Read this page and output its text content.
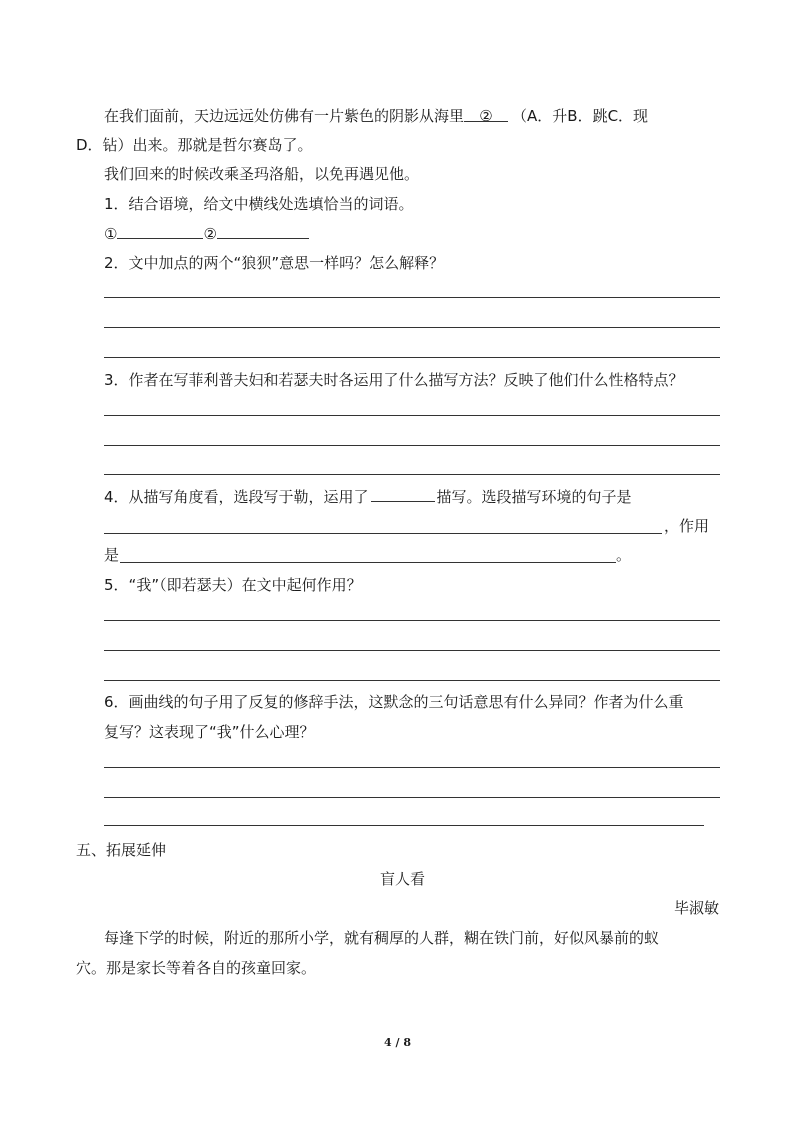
在我们面前，天边远远处仿佛有一片紫色的阴影从海里 ② （A．升B．跳C．现
D．钻）出来。那就是哲尔赛岛了。
我们回来的时候改乘圣玛洛船，以免再遇见他。
1．结合语境，给文中横线处选填恰当的词语。
①	②
2．文中加点的两个“狼狈”意思一样吗？怎么解释？
3．作者在写菲利普夫妇和若瑟夫时各运用了什么描写方法？反映了他们什么性格特点？
4．从描写角度看，选段写于勒，运用了	描写。选段描写环境的句子是
，作用
是	。
5．“我”（即若瑟夫）在文中起何作用？
6．画曲线的句子用了反复的修辞手法，这默念的三句话意思有什么异同？作者为什么重
复写？这表现了“我”什么心理？
五、拓展延伸
盲人看
毕淑敏
每逢下学的时候，附近的那所小学，就有稠厚的人群，糊在铁门前，好似风暴前的蚁
穴。那是家长等着各自的孩童回家。
4 / 8
